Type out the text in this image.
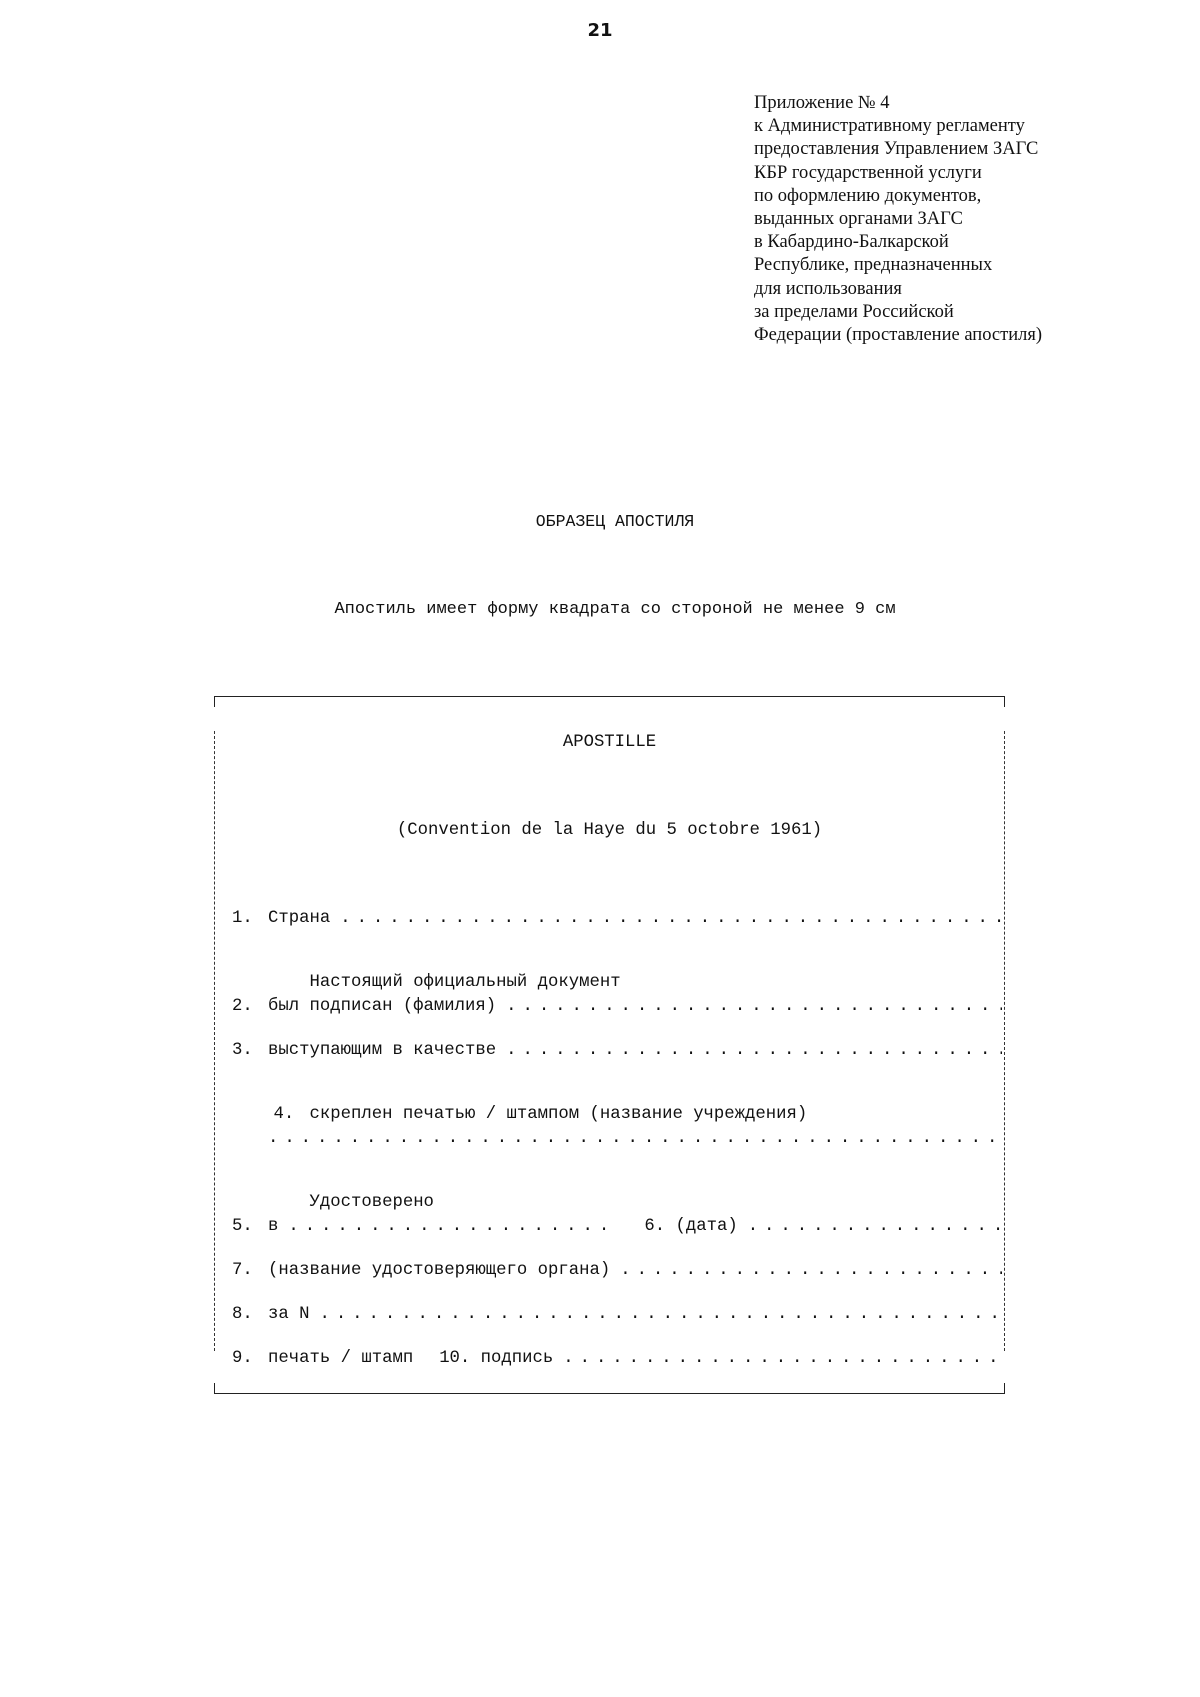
21
Приложение № 4
к Административному регламенту
предоставления Управлением ЗАГС
КБР государственной услуги
по оформлению документов,
выданных органами ЗАГС
в Кабардино-Балкарской
Республике, предназначенных
для использования
за пределами Российской
Федерации (проставление апостиля)
ОБРАЗЕЦ АПОСТИЛЯ
Апостиль имеет форму квадрата со стороной не менее 9 см
APOSTILLE
(Convention de la Haye du 5 octobre 1961)
1. Страна
. . .

Настоящий официальный документ

2. был подписан (фамилия)
. . .
3. выступающим в качестве
. . .

4. скреплен печатью / штампом (название учреждения)

. . .

Удостоверено

5. в
. . .	6. (дата)
. . .
7. (название удостоверяющего органа)
. . .
8. за N
. . .
9. печать / штамп 10. подпись
. . .
